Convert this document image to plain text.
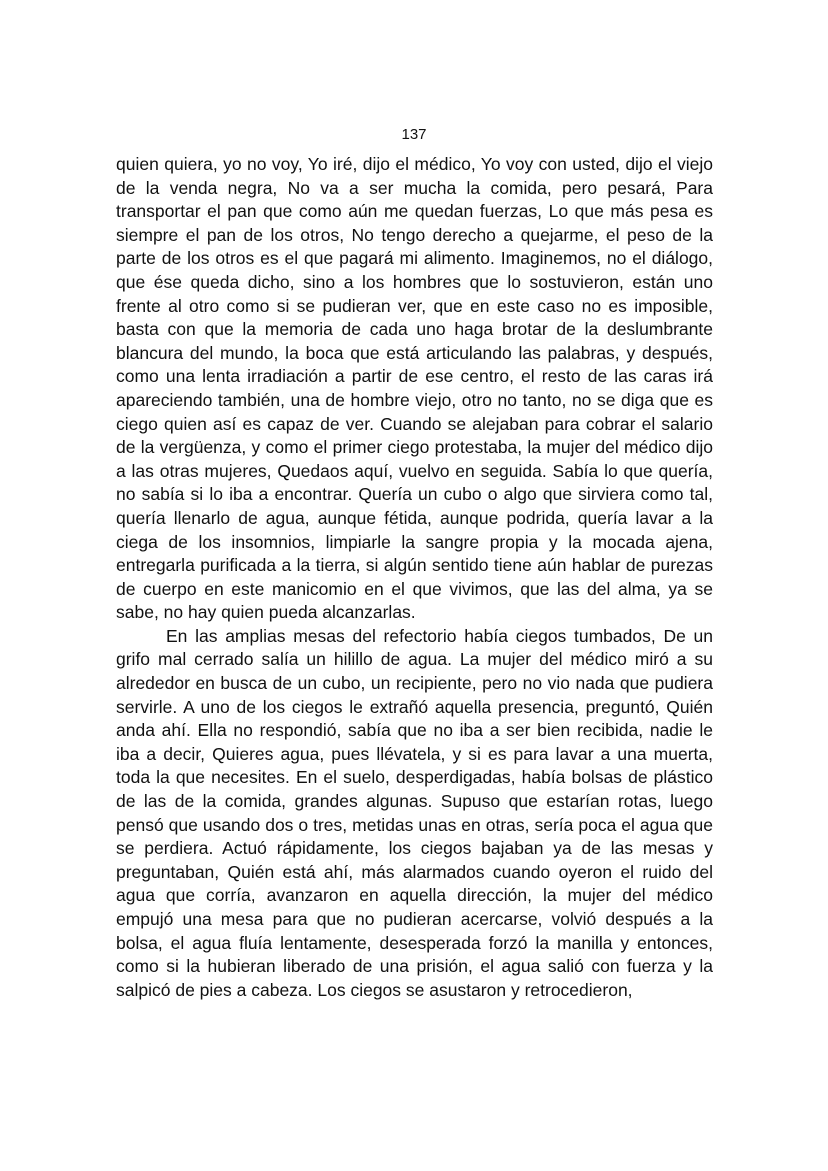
137

quien quiera, yo no voy, Yo iré, dijo el médico, Yo voy con usted, dijo el viejo de la venda negra, No va a ser mucha la comida, pero pesará, Para transportar el pan que como aún me quedan fuerzas, Lo que más pesa es siempre el pan de los otros, No tengo derecho a quejarme, el peso de la parte de los otros es el que pagará mi alimento. Imaginemos, no el diálogo, que ése queda dicho, sino a los hombres que lo sostuvieron, están uno frente al otro como si se pudieran ver, que en este caso no es imposible, basta con que la memoria de cada uno haga brotar de la deslumbrante blancura del mundo, la boca que está articulando las palabras, y después, como una lenta irradiación a partir de ese centro, el resto de las caras irá apareciendo también, una de hombre viejo, otro no tanto, no se diga que es ciego quien así es capaz de ver. Cuando se alejaban para cobrar el salario de la vergüenza, y como el primer ciego protestaba, la mujer del médico dijo a las otras mujeres, Quedaos aquí, vuelvo en seguida. Sabía lo que quería, no sabía si lo iba a encontrar. Quería un cubo o algo que sirviera como tal, quería llenarlo de agua, aunque fétida, aunque podrida, quería lavar a la ciega de los insomnios, limpiarle la sangre propia y la mocada ajena, entregarla purificada a la tierra, si algún sentido tiene aún hablar de purezas de cuerpo en este manicomio en el que vivimos, que las del alma, ya se sabe, no hay quien pueda alcanzarlas.

En las amplias mesas del refectorio había ciegos tumbados, De un grifo mal cerrado salía un hilillo de agua. La mujer del médico miró a su alrededor en busca de un cubo, un recipiente, pero no vio nada que pudiera servirle. A uno de los ciegos le extrañó aquella presencia, preguntó, Quién anda ahí. Ella no respondió, sabía que no iba a ser bien recibida, nadie le iba a decir, Quieres agua, pues llévatela, y si es para lavar a una muerta, toda la que necesites. En el suelo, desperdigadas, había bolsas de plástico de las de la comida, grandes algunas. Supuso que estarían rotas, luego pensó que usando dos o tres, metidas unas en otras, sería poca el agua que se perdiera. Actuó rápidamente, los ciegos bajaban ya de las mesas y preguntaban, Quién está ahí, más alarmados cuando oyeron el ruido del agua que corría, avanzaron en aquella dirección, la mujer del médico empujó una mesa para que no pudieran acercarse, volvió después a la bolsa, el agua fluía lentamente, desesperada forzó la manilla y entonces, como si la hubieran liberado de una prisión, el agua salió con fuerza y la salpicó de pies a cabeza. Los ciegos se asustaron y retrocedieron,
